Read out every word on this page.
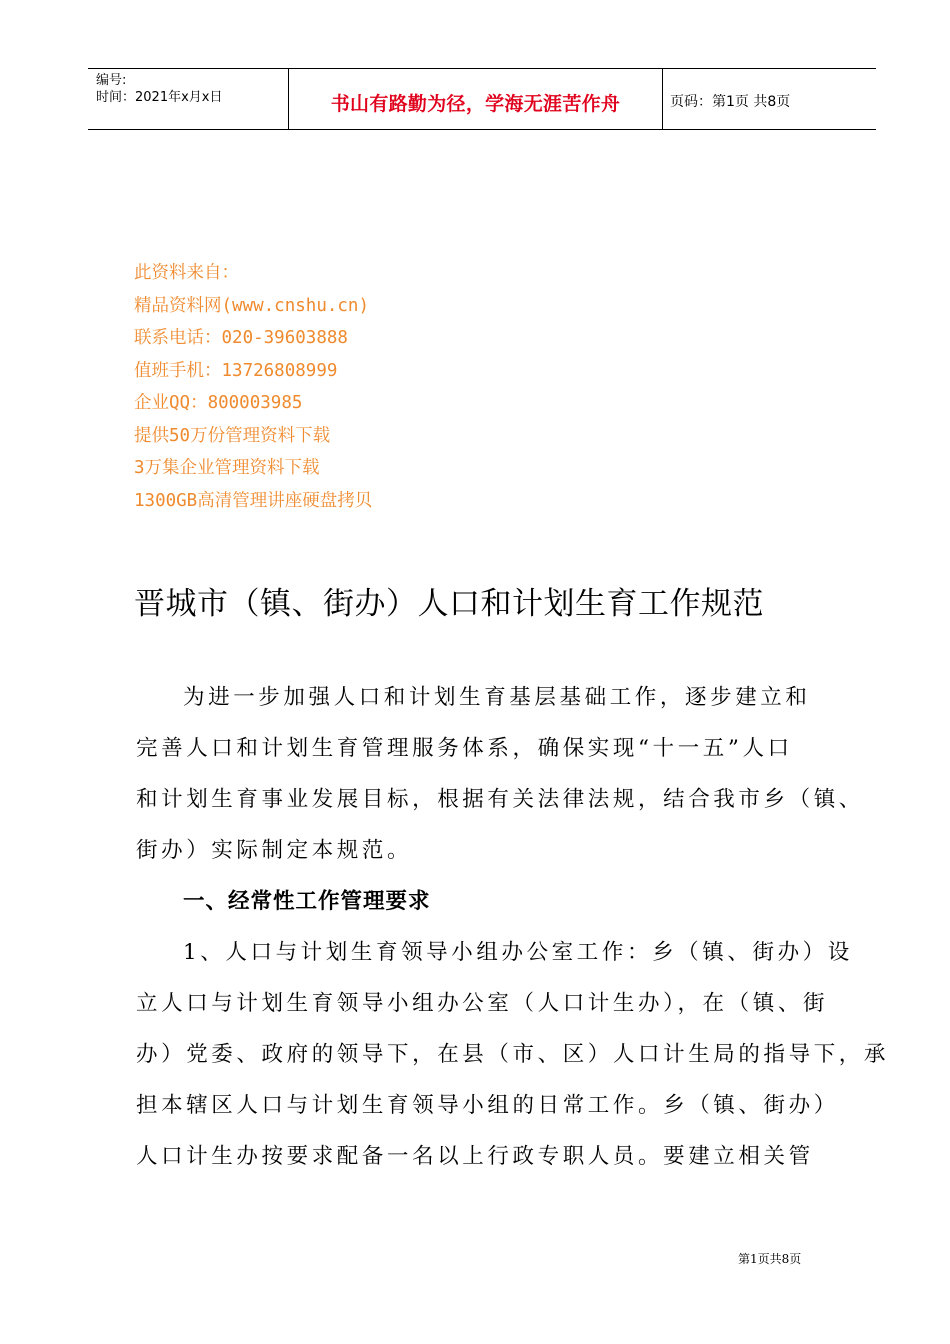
编号:
时间：2021年x月x日	书山有路勤为径，学海无涯苦作舟	页码：第1页 共8页
此资料来自：
精品资料网(www.cnshu.cn)
联系电话：020-39603888
值班手机：13726808999
企业QQ：800003985
提供50万份管理资料下载
3万集企业管理资料下载
1300GB高清管理讲座硬盘拷贝
晋城市（镇、街办）人口和计划生育工作规范
为进一步加强人口和计划生育基层基础工作，逐步建立和
完善人口和计划生育管理服务体系，确保实现“十一五”人口
和计划生育事业发展目标，根据有关法律法规，结合我市乡（镇、
街办）实际制定本规范。
一、经常性工作管理要求
1、人口与计划生育领导小组办公室工作：乡（镇、街办）设
立人口与计划生育领导小组办公室（人口计生办），在（镇、街
办）党委、政府的领导下，在县（市、区）人口计生局的指导下，承
担本辖区人口与计划生育领导小组的日常工作。乡（镇、街办）
人口计生办按要求配备一名以上行政专职人员。要建立相关管
第1页共8页
